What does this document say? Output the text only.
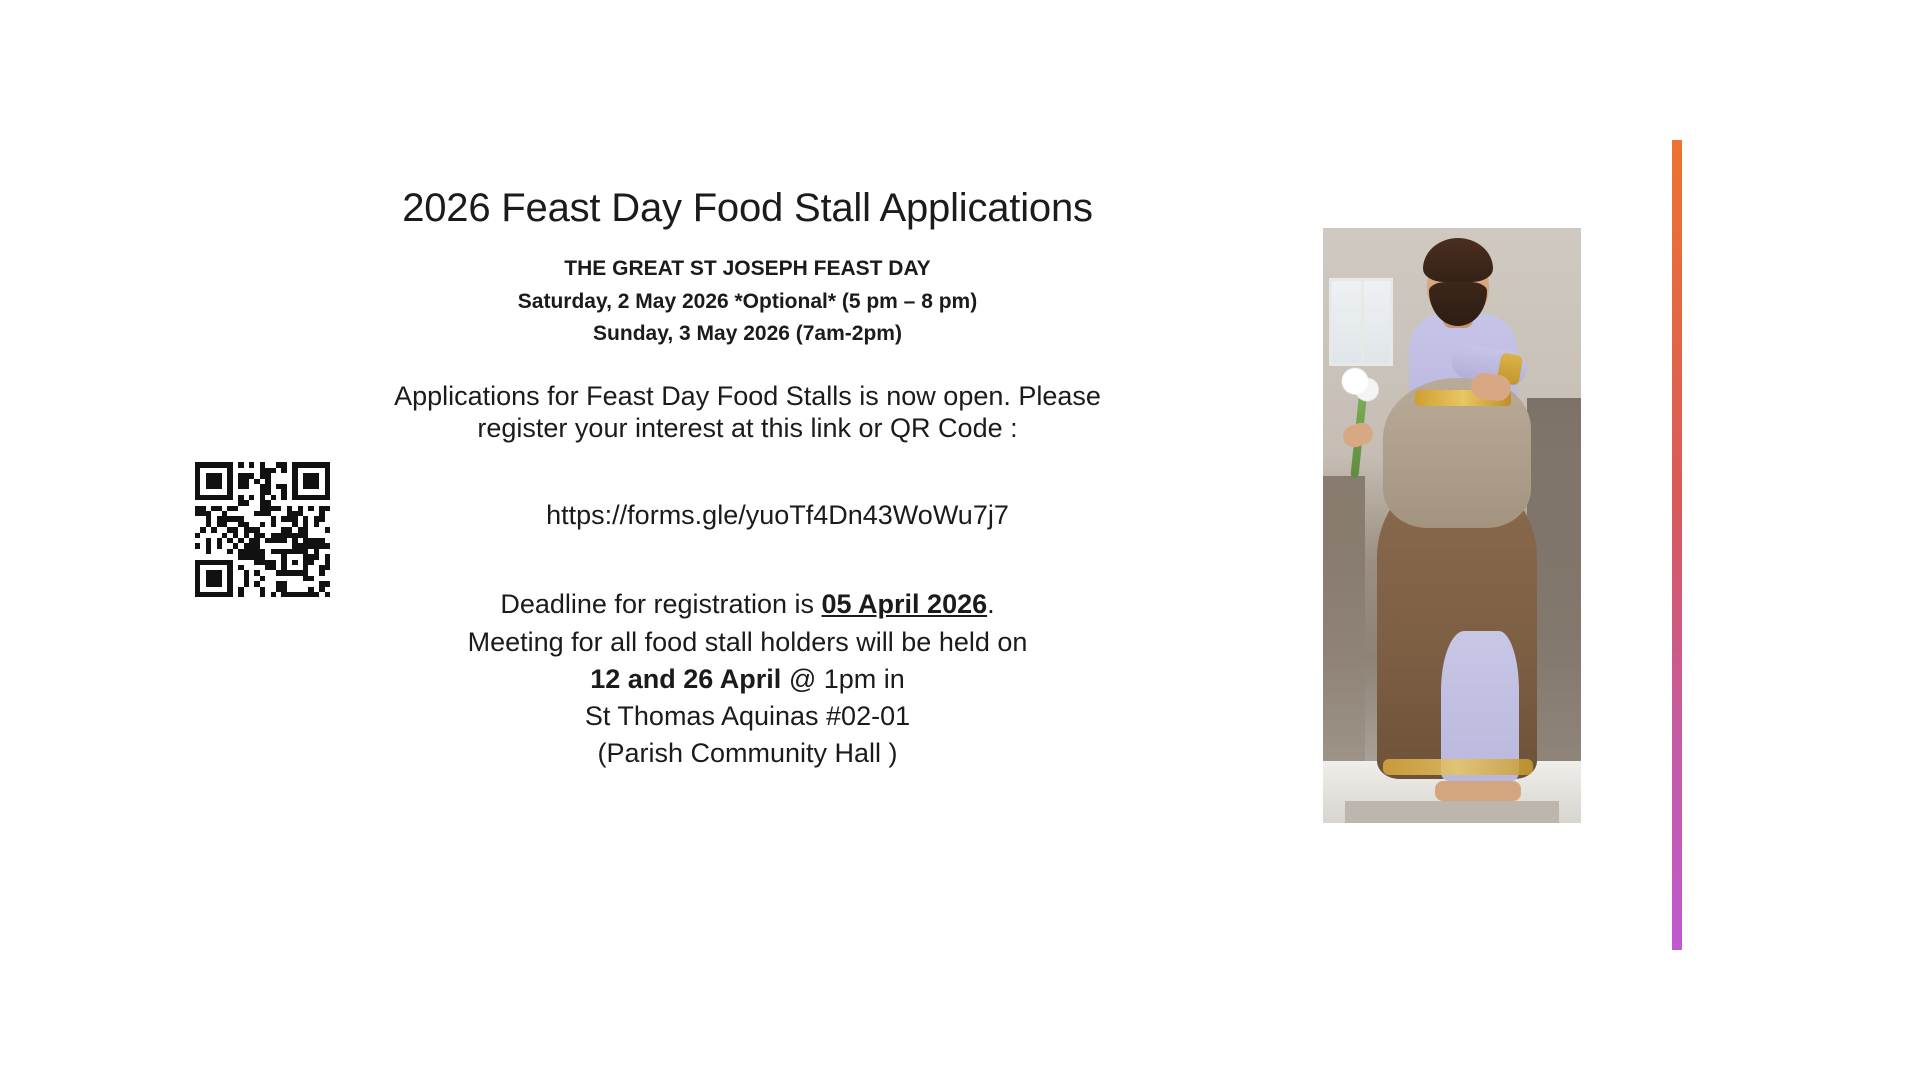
2026 Feast Day Food Stall Applications
THE GREAT ST JOSEPH FEAST DAY
Saturday, 2 May 2026 *Optional* (5 pm – 8 pm)
Sunday, 3 May 2026 (7am-2pm)

Applications for Feast Day Food Stalls is now open. Please
register your interest at this link or QR Code :

https://forms.gle/yuoTf4Dn43WoWu7j7
Deadline for registration is 05 April 2026.
Meeting for all food stall holders will be held on
12 and 26 April @ 1pm in
St Thomas Aquinas #02-01
(Parish Community Hall )
